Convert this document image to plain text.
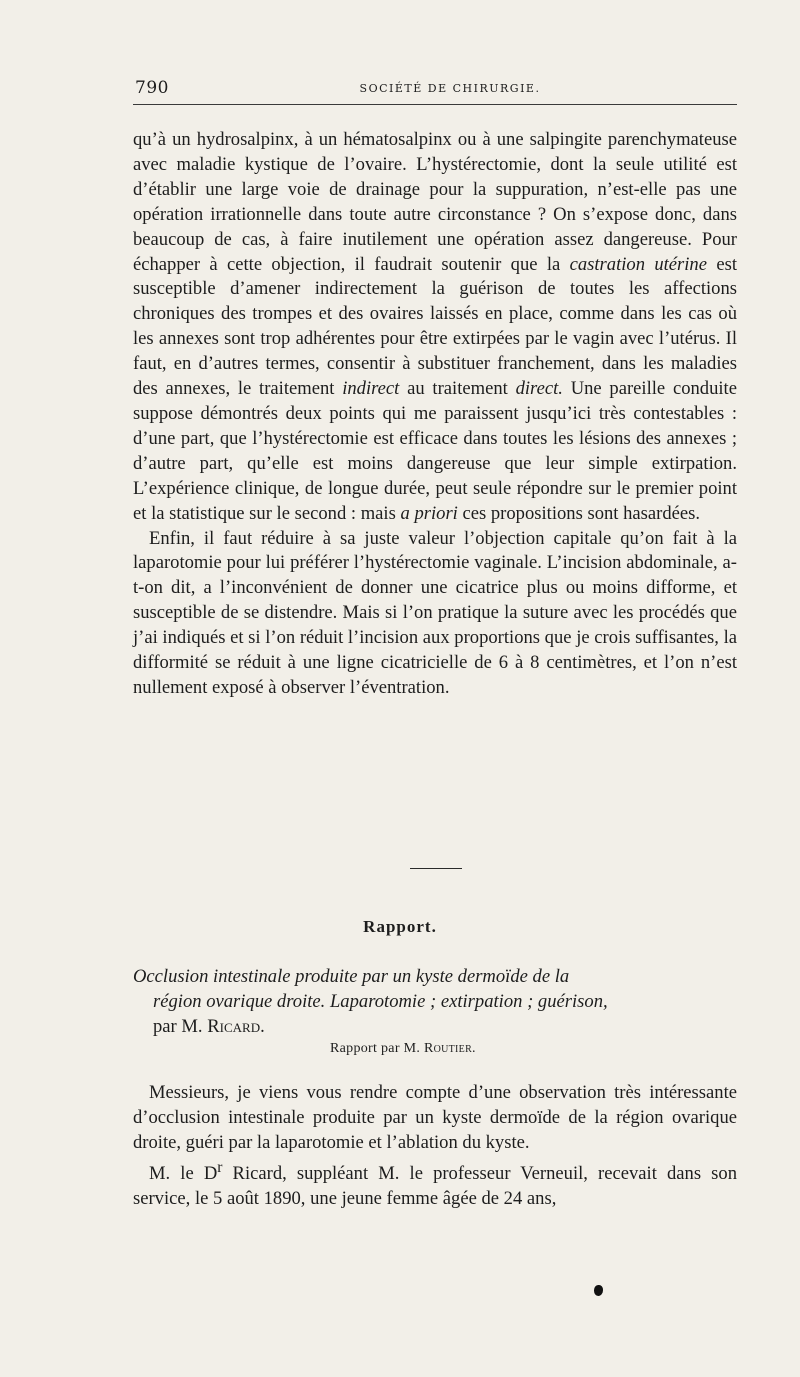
790	SOCIÉTÉ DE CHIRURGIE.

qu’à un hydrosalpinx, à un hématosalpinx ou à une salpingite parenchymateuse avec maladie kystique de l’ovaire. L’hystérectomie, dont la seule utilité est d’établir une large voie de drainage pour la suppuration, n’est-elle pas une opération irrationnelle dans toute autre circonstance ? On s’expose donc, dans beaucoup de cas, à faire inutilement une opération assez dangereuse. Pour échapper à cette objection, il faudrait soutenir que la castration utérine est susceptible d’amener indirectement la guérison de toutes les affections chroniques des trompes et des ovaires laissés en place, comme dans les cas où les annexes sont trop adhérentes pour être extirpées par le vagin avec l’utérus. Il faut, en d’autres termes, consentir à substituer franchement, dans les maladies des annexes, le traitement indirect au traitement direct. Une pareille conduite suppose démontrés deux points qui me paraissent jusqu’ici très contestables : d’une part, que l’hystérectomie est efficace dans toutes les lésions des annexes ; d’autre part, qu’elle est moins dangereuse que leur simple extirpation. L’expérience clinique, de longue durée, peut seule répondre sur le premier point et la statistique sur le second : mais a priori ces propositions sont hasardées.

Enfin, il faut réduire à sa juste valeur l’objection capitale qu’on fait à la laparotomie pour lui préférer l’hystérectomie vaginale. L’incision abdominale, a-t-on dit, a l’inconvénient de donner une cicatrice plus ou moins difforme, et susceptible de se distendre. Mais si l’on pratique la suture avec les procédés que j’ai indiqués et si l’on réduit l’incision aux proportions que je crois suffisantes, la difformité se réduit à une ligne cicatricielle de 6 à 8 centimètres, et l’on n’est nullement exposé à observer l’éventration.

Rapport.
Occlusion intestinale produite par un kyste dermoïde de la
région ovarique droite. Laparotomie ; extirpation ; guérison,
par M. Ricard.
Rapport par M. Routier.

Messieurs, je viens vous rendre compte d’une observation très intéressante d’occlusion intestinale produite par un kyste dermoïde de la région ovarique droite, guéri par la laparotomie et l’ablation du kyste.

M. le $D^r$ Ricard, suppléant M. le professeur Verneuil, recevait dans son service, le 5 août 1890, une jeune femme âgée de 24 ans,
